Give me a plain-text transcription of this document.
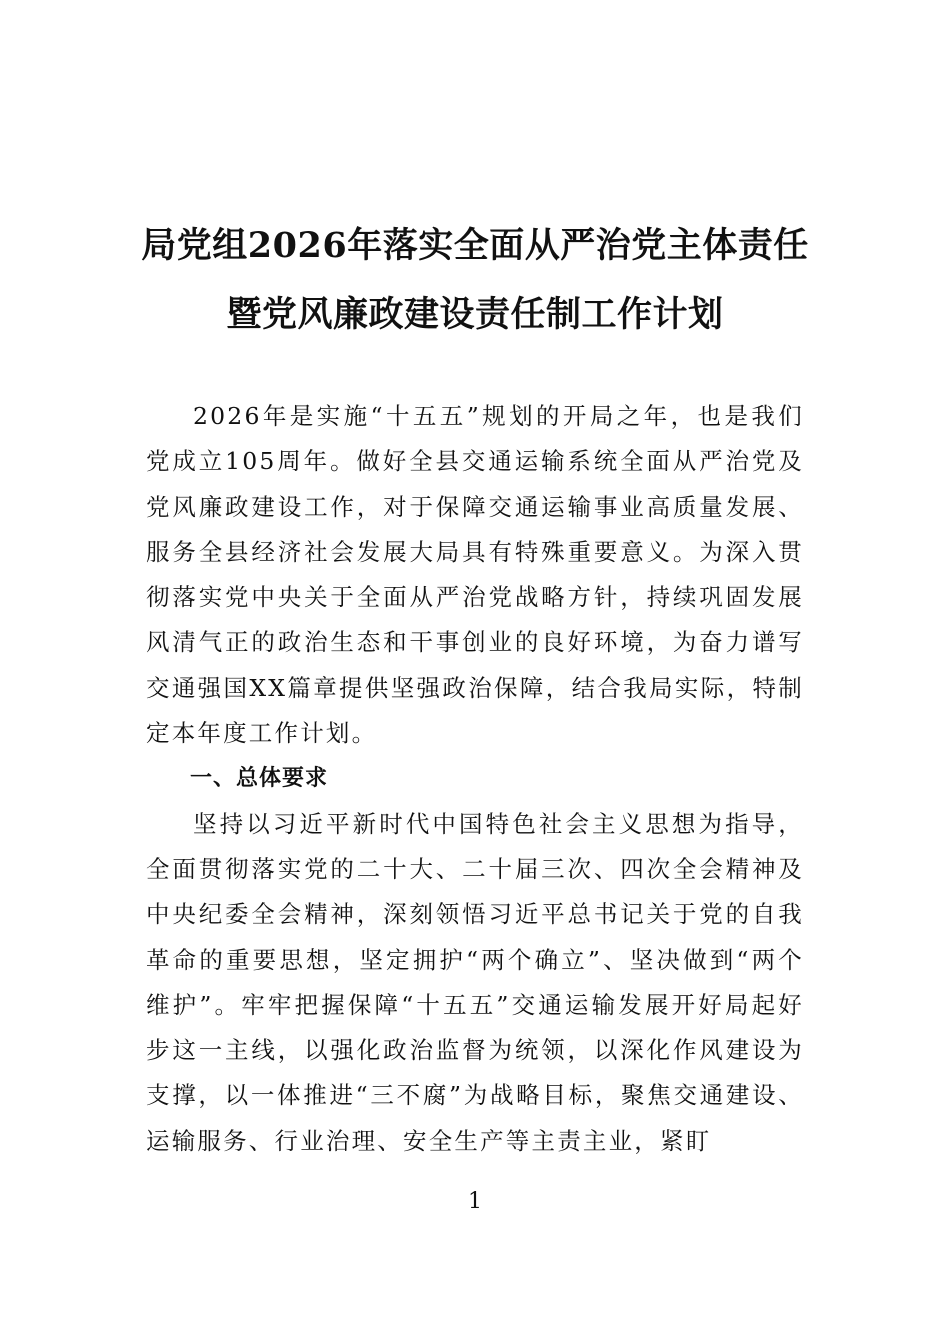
局党组2026年落实全面从严治党主体责任
暨党风廉政建设责任制工作计划

2026年是实施“十五五”规划的开局之年，也是我们党成立105周年。做好全县交通运输系统全面从严治党及党风廉政建设工作，对于保障交通运输事业高质量发展、服务全县经济社会发展大局具有特殊重要意义。为深入贯彻落实党中央关于全面从严治党战略方针，持续巩固发展风清气正的政治生态和干事创业的良好环境，为奋力谱写交通强国XX篇章提供坚强政治保障，结合我局实际，特制定本年度工作计划。

一、总体要求

坚持以习近平新时代中国特色社会主义思想为指导，全面贯彻落实党的二十大、二十届三次、四次全会精神及中央纪委全会精神，深刻领悟习近平总书记关于党的自我革命的重要思想，坚定拥护“两个确立”、坚决做到“两个维护”。牢牢把握保障“十五五”交通运输发展开好局起好步这一主线，以强化政治监督为统领，以深化作风建设为支撑，以一体推进“三不腐”为战略目标，聚焦交通建设、运输服务、行业治理、安全生产等主责主业，紧盯

1
